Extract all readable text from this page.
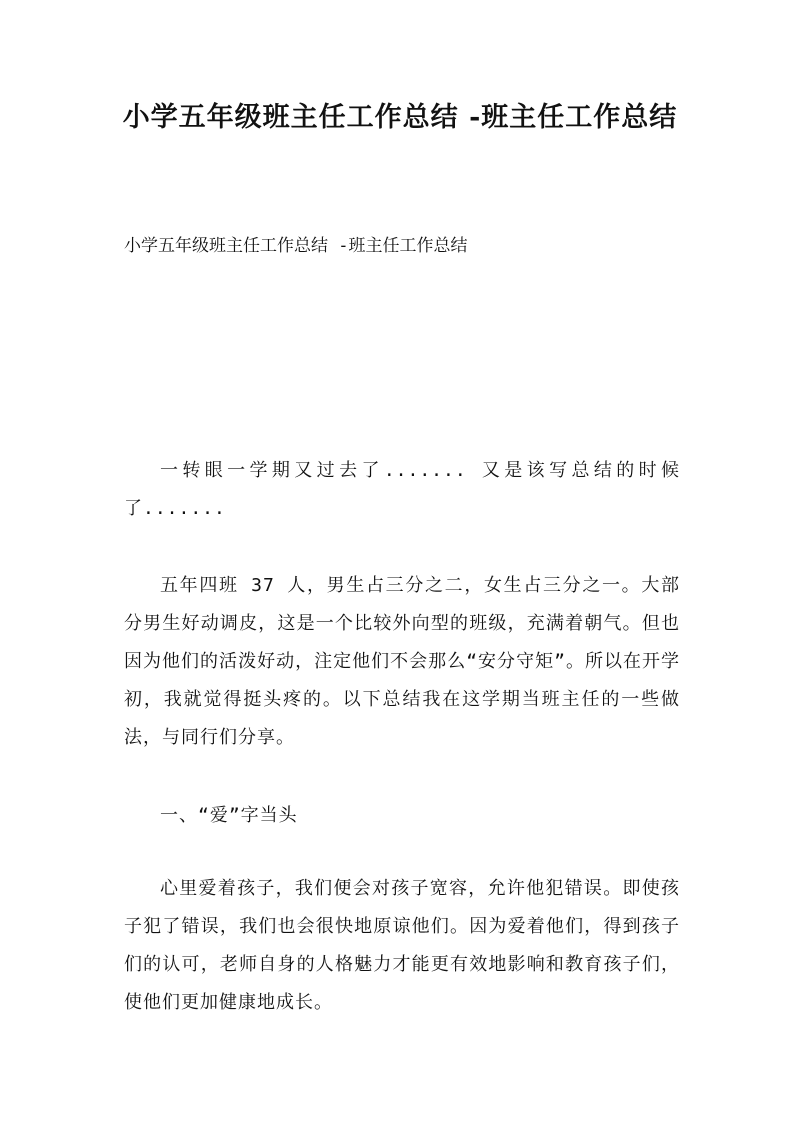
小学五年级班主任工作总结 -班主任工作总结

小学五年级班主任工作总结 -班主任工作总结

一转眼一学期又过去了....... 又是该写总结的时候了.......

五年四班 37 人，男生占三分之二，女生占三分之一。大部分男生好动调皮，这是一个比较外向型的班级，充满着朝气。但也因为他们的活泼好动，注定他们不会那么“安分守矩”。所以在开学初，我就觉得挺头疼的。以下总结我在这学期当班主任的一些做法，与同行们分享。

一、“爱”字当头

心里爱着孩子，我们便会对孩子宽容，允许他犯错误。即使孩子犯了错误，我们也会很快地原谅他们。因为爱着他们，得到孩子们的认可，老师自身的人格魅力才能更有效地影响和教育孩子们，使他们更加健康地成长。
